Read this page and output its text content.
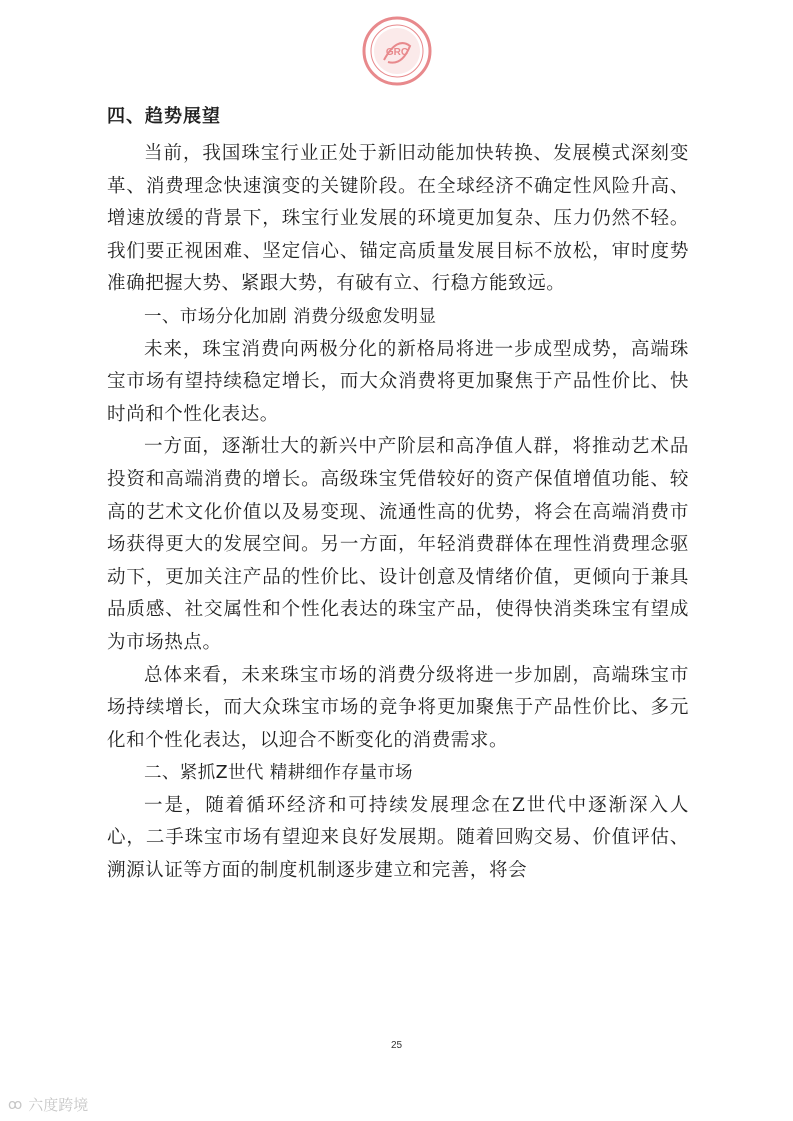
GRC
四、趋势展望

当前，我国珠宝行业正处于新旧动能加快转换、发展模式深刻变革、消费理念快速演变的关键阶段。在全球经济不确定性风险升高、增速放缓的背景下，珠宝行业发展的环境更加复杂、压力仍然不轻。我们要正视困难、坚定信心、锚定高质量发展目标不放松，审时度势准确把握大势、紧跟大势，有破有立、行稳方能致远。

一、市场分化加剧 消费分级愈发明显

未来，珠宝消费向两极分化的新格局将进一步成型成势，高端珠宝市场有望持续稳定增长，而大众消费将更加聚焦于产品性价比、快时尚和个性化表达。

一方面，逐渐壮大的新兴中产阶层和高净值人群，将推动艺术品投资和高端消费的增长。高级珠宝凭借较好的资产保值增值功能、较高的艺术文化价值以及易变现、流通性高的优势，将会在高端消费市场获得更大的发展空间。另一方面，年轻消费群体在理性消费理念驱动下，更加关注产品的性价比、设计创意及情绪价值，更倾向于兼具品质感、社交属性和个性化表达的珠宝产品，使得快消类珠宝有望成为市场热点。

总体来看，未来珠宝市场的消费分级将进一步加剧，高端珠宝市场持续增长，而大众珠宝市场的竞争将更加聚焦于产品性价比、多元化和个性化表达，以迎合不断变化的消费需求。

二、紧抓Z世代 精耕细作存量市场

一是，随着循环经济和可持续发展理念在Z世代中逐渐深入人心，二手珠宝市场有望迎来良好发展期。随着回购交易、价值评估、溯源认证等方面的制度机制逐步建立和完善，将会

25
ꝏ 六度跨境
